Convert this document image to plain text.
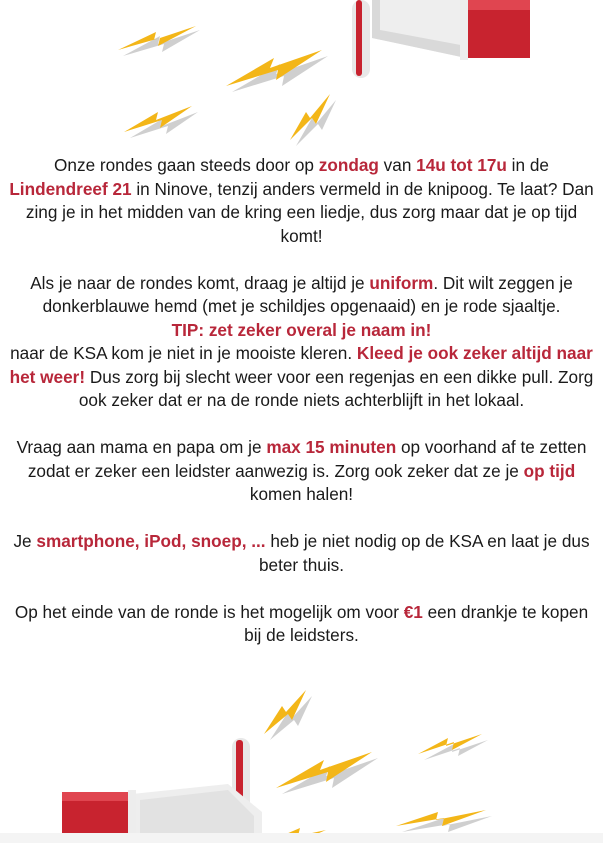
Onze rondes gaan steeds door op zondag van 14u tot 17u in de
Lindendreef 21 in Ninove, tenzij anders vermeld in de knipoog. Te laat? Dan zing je in het midden van de kring een liedje, dus zorg maar dat je op tijd komt!

Als je naar de rondes komt, draag je altijd je uniform. Dit wilt zeggen je donkerblauwe hemd (met je schildjes opgenaaid) en je rode sjaaltje.
TIP: zet zeker overal je naam in!
naar de KSA kom je niet in je mooiste kleren. Kleed je ook zeker altijd naar het weer! Dus zorg bij slecht weer voor een regenjas en een dikke pull. Zorg ook zeker dat er na de ronde niets achterblijft in het lokaal.

Vraag aan mama en papa om je max 15 minuten op voorhand af te zetten zodat er zeker een leidster aanwezig is. Zorg ook zeker dat ze je op tijd komen halen!

Je smartphone, iPod, snoep, ... heb je niet nodig op de KSA en laat je dus beter thuis.

Op het einde van de ronde is het mogelijk om voor €1 een drankje te kopen bij de leidsters.
